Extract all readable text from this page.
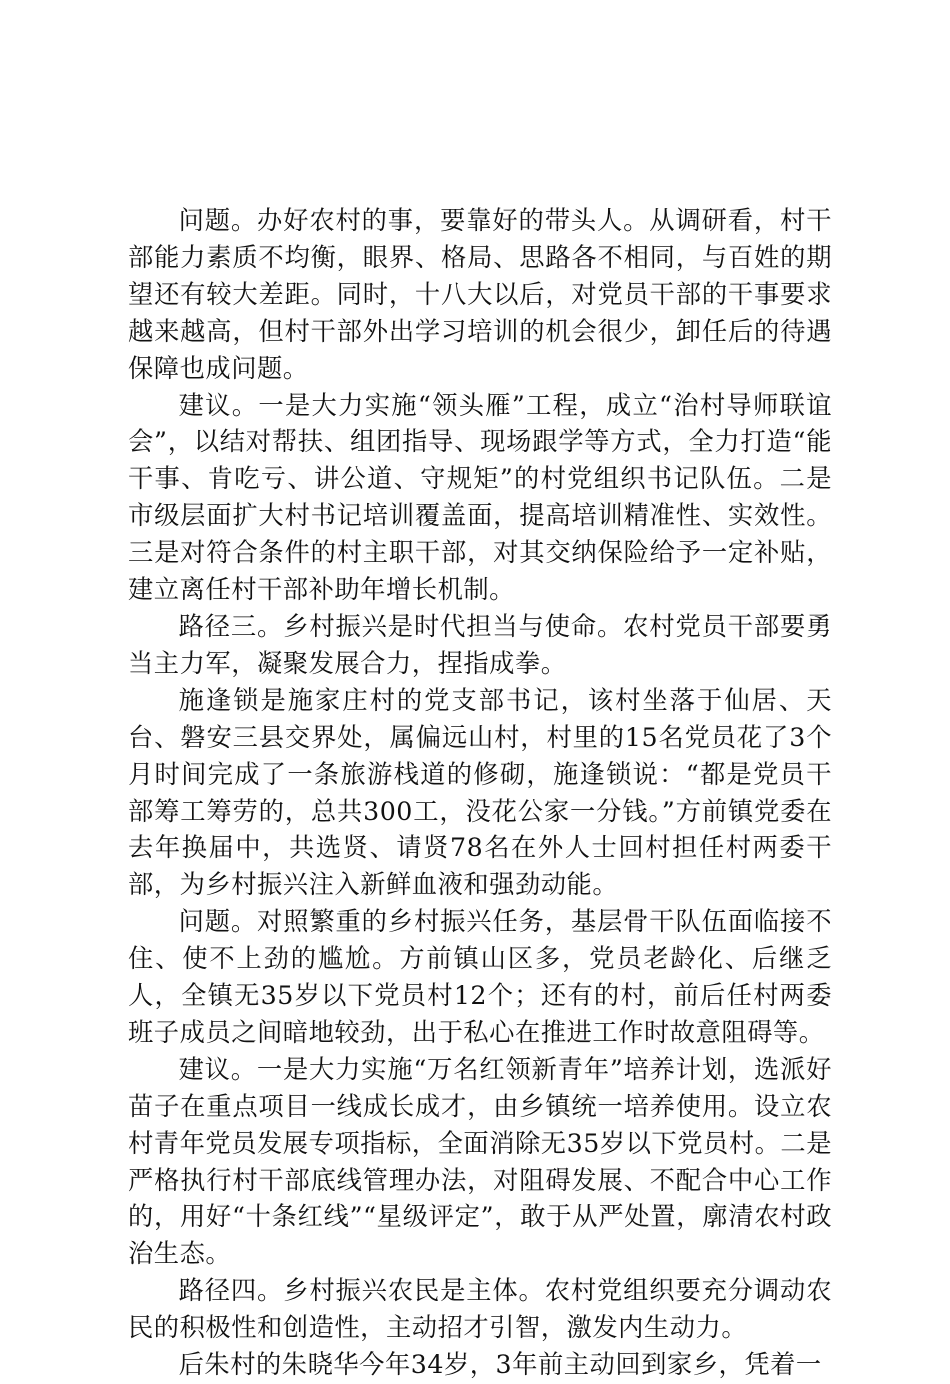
问题。办好农村的事，要靠好的带头人。从调研看，村干部能力素质不均衡，眼界、格局、思路各不相同，与百姓的期望还有较大差距。同时，十八大以后，对党员干部的干事要求越来越高，但村干部外出学习培训的机会很少，卸任后的待遇保障也成问题。

建议。一是大力实施“领头雁”工程，成立“治村导师联谊会”，以结对帮扶、组团指导、现场跟学等方式，全力打造“能干事、肯吃亏、讲公道、守规矩”的村党组织书记队伍。二是市级层面扩大村书记培训覆盖面，提高培训精准性、实效性。三是对符合条件的村主职干部，对其交纳保险给予一定补贴，建立离任村干部补助年增长机制。

路径三。乡村振兴是时代担当与使命。农村党员干部要勇当主力军，凝聚发展合力，捏指成拳。

施逢锁是施家庄村的党支部书记，该村坐落于仙居、天台、磐安三县交界处，属偏远山村，村里的15名党员花了3个月时间完成了一条旅游栈道的修砌，施逢锁说：“都是党员干部筹工筹劳的，总共300工，没花公家一分钱。”方前镇党委在去年换届中，共选贤、请贤78名在外人士回村担任村两委干部，为乡村振兴注入新鲜血液和强劲动能。

问题。对照繁重的乡村振兴任务，基层骨干队伍面临接不住、使不上劲的尴尬。方前镇山区多，党员老龄化、后继乏人，全镇无35岁以下党员村12个；还有的村，前后任村两委班子成员之间暗地较劲，出于私心在推进工作时故意阻碍等。

建议。一是大力实施“万名红领新青年”培养计划，选派好苗子在重点项目一线成长成才，由乡镇统一培养使用。设立农村青年党员发展专项指标，全面消除无35岁以下党员村。二是严格执行村干部底线管理办法，对阻碍发展、不配合中心工作的，用好“十条红线”“星级评定”，敢于从严处置，廓清农村政治生态。

路径四。乡村振兴农民是主体。农村党组织要充分调动农民的积极性和创造性，主动招才引智，激发内生动力。

后朱村的朱晓华今年34岁，3年前主动回到家乡，凭着一
